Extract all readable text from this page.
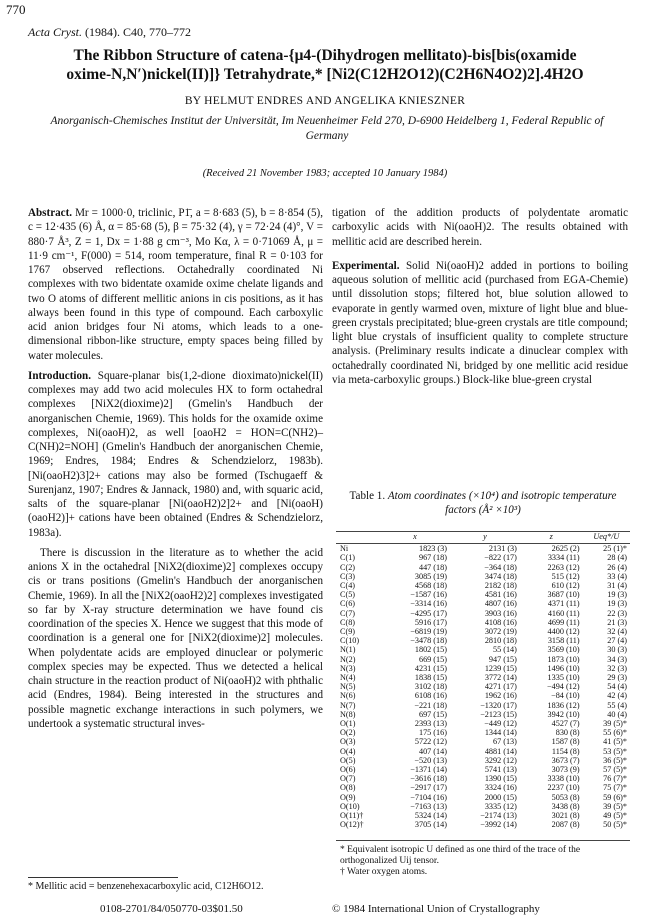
770
Acta Cryst. (1984). C40, 770–772
The Ribbon Structure of catena-{μ4-(Dihydrogen mellitato)-bis[bis(oxamide
oxime-N,N′)nickel(II)]} Tetrahydrate,* [Ni2(C12H2O12)(C2H6N4O2)2].4H2O
BY HELMUT ENDRES AND ANGELIKA KNIESZNER
Anorganisch-Chemisches Institut der Universität, Im Neuenheimer Feld 270, D-6900 Heidelberg 1, Federal Republic of Germany
(Received 21 November 1983; accepted 10 January 1984)

Abstract. Mr = 1000·0, triclinic, P1̄, a = 8·683 (5), b = 8·854 (5), c = 12·435 (6) Å, α = 85·68 (5), β = 75·32 (4), γ = 72·24 (4)°, V = 880·7 Å³, Z = 1, Dx = 1·88 g cm⁻³, Mo Kα, λ = 0·71069 Å, μ = 11·9 cm⁻¹, F(000) = 514, room temperature, final R = 0·103 for 1767 observed reflections. Octahedrally coordinated Ni complexes with two bidentate oxamide oxime chelate ligands and two O atoms of different mellitic anions in cis positions, as it has always been found in this type of compound. Each carboxylic acid anion bridges four Ni atoms, which leads to a one-dimensional ribbon-like structure, empty spaces being filled by water molecules.

Introduction. Square-planar bis(1,2-dione dioximato)nickel(II) complexes may add two acid molecules HX to form octahedral complexes [NiX2(dioxime)2] (Gmelin's Handbuch der anorganischen Chemie, 1969). This holds for the oxamide oxime complexes, Ni(oaoH)2, as well [oaoH2 = HON=C(NH2)–C(NH)2=NOH] (Gmelin's Handbuch der anorganischen Chemie, 1969; Endres, 1984; Endres & Schendzielorz, 1983b). [Ni(oaoH2)3]2+ cations may also be formed (Tschugaeff & Surenjanz, 1907; Endres & Jannack, 1980) and, with squaric acid, salts of the square-planar [Ni(oaoH2)2]2+ and [Ni(oaoH)(oaoH2)]+ cations have been obtained (Endres & Schendzielorz, 1983a).

There is discussion in the literature as to whether the acid anions X in the octahedral [NiX2(dioxime)2] complexes occupy cis or trans positions (Gmelin's Handbuch der anorganischen Chemie, 1969). In all the [NiX2(oaoH2)2] complexes investigated so far by X-ray structure determination we have found cis coordination of the species X. Hence we suggest that this mode of coordination is a general one for [NiX2(dioxime)2] molecules. When polydentate acids are employed dinuclear or polymeric complex species may be expected. Thus we detected a helical chain structure in the reaction product of Ni(oaoH)2 with phthalic acid (Endres, 1984). Being interested in the structures and possible magnetic exchange interactions in such polymers, we undertook a systematic structural inves-

* Mellitic acid = benzenehexacarboxylic acid, C12H6O12.

tigation of the addition products of polydentate aromatic carboxylic acids with Ni(oaoH)2. The results obtained with mellitic acid are described herein.

Experimental. Solid Ni(oaoH)2 added in portions to boiling aqueous solution of mellitic acid (purchased from EGA-Chemie) until dissolution stops; filtered hot, blue solution allowed to evaporate in gently warmed oven, mixture of light blue and blue-green crystals precipitated; blue-green crystals are title compound; light blue crystals of insufficient quality to complete structure analysis. (Preliminary results indicate a dinuclear complex with octahedrally coordinated Ni, bridged by one mellitic acid residue via meta-carboxylic groups.) Block-like blue-green crystal

Table 1. Atom coordinates (×10⁴) and isotropic temperature factors (Å² ×10³)
	x	y	z	Ueq*/U
Ni	1823 (3)	2131 (3)	2625 (2)	25 (1)*
C(1)	967 (18)	−822 (17)	3334 (11)	28 (4)
C(2)	447 (18)	−364 (18)	2263 (12)	26 (4)
C(3)	3085 (19)	3474 (18)	515 (12)	33 (4)
C(4)	4568 (18)	2182 (18)	610 (12)	31 (4)
C(5)	−1587 (16)	4581 (16)	3687 (10)	19 (3)
C(6)	−3314 (16)	4807 (16)	4371 (11)	19 (3)
C(7)	−4295 (17)	3903 (16)	4160 (11)	22 (3)
C(8)	5916 (17)	4108 (16)	4699 (11)	21 (3)
C(9)	−6819 (19)	3072 (19)	4400 (12)	32 (4)
C(10)	−3478 (18)	2810 (18)	3158 (11)	27 (4)
N(1)	1802 (15)	55 (14)	3569 (10)	30 (3)
N(2)	669 (15)	947 (15)	1873 (10)	34 (3)
N(3)	4231 (15)	1239 (15)	1496 (10)	32 (3)
N(4)	1838 (15)	3772 (14)	1335 (10)	29 (3)
N(5)	3102 (18)	4271 (17)	−494 (12)	54 (4)
N(6)	6108 (16)	1962 (16)	−84 (10)	42 (4)
N(7)	−221 (18)	−1320 (17)	1836 (12)	55 (4)
N(8)	697 (15)	−2123 (15)	3942 (10)	40 (4)
O(1)	2393 (13)	−449 (12)	4527 (7)	39 (5)*
O(2)	175 (16)	1344 (14)	830 (8)	55 (6)*
O(3)	5722 (12)	67 (13)	1587 (8)	41 (5)*
O(4)	407 (14)	4881 (14)	1154 (8)	53 (5)*
O(5)	−520 (13)	3292 (12)	3673 (7)	36 (5)*
O(6)	−1371 (14)	5741 (13)	3073 (9)	57 (5)*
O(7)	−3616 (18)	1390 (15)	3338 (10)	76 (7)*
O(8)	−2917 (17)	3324 (16)	2237 (10)	75 (7)*
O(9)	−7104 (16)	2000 (15)	5053 (8)	59 (6)*
O(10)	−7163 (13)	3335 (12)	3438 (8)	39 (5)*
O(11)†	5324 (14)	−2174 (13)	3021 (8)	49 (5)*
O(12)†	3705 (14)	−3992 (14)	2087 (8)	50 (5)*
* Equivalent isotropic U defined as one third of the trace of the orthogonalized Uij tensor.
† Water oxygen atoms.
0108-2701/84/050770-03$01.50	© 1984 International Union of Crystallography
